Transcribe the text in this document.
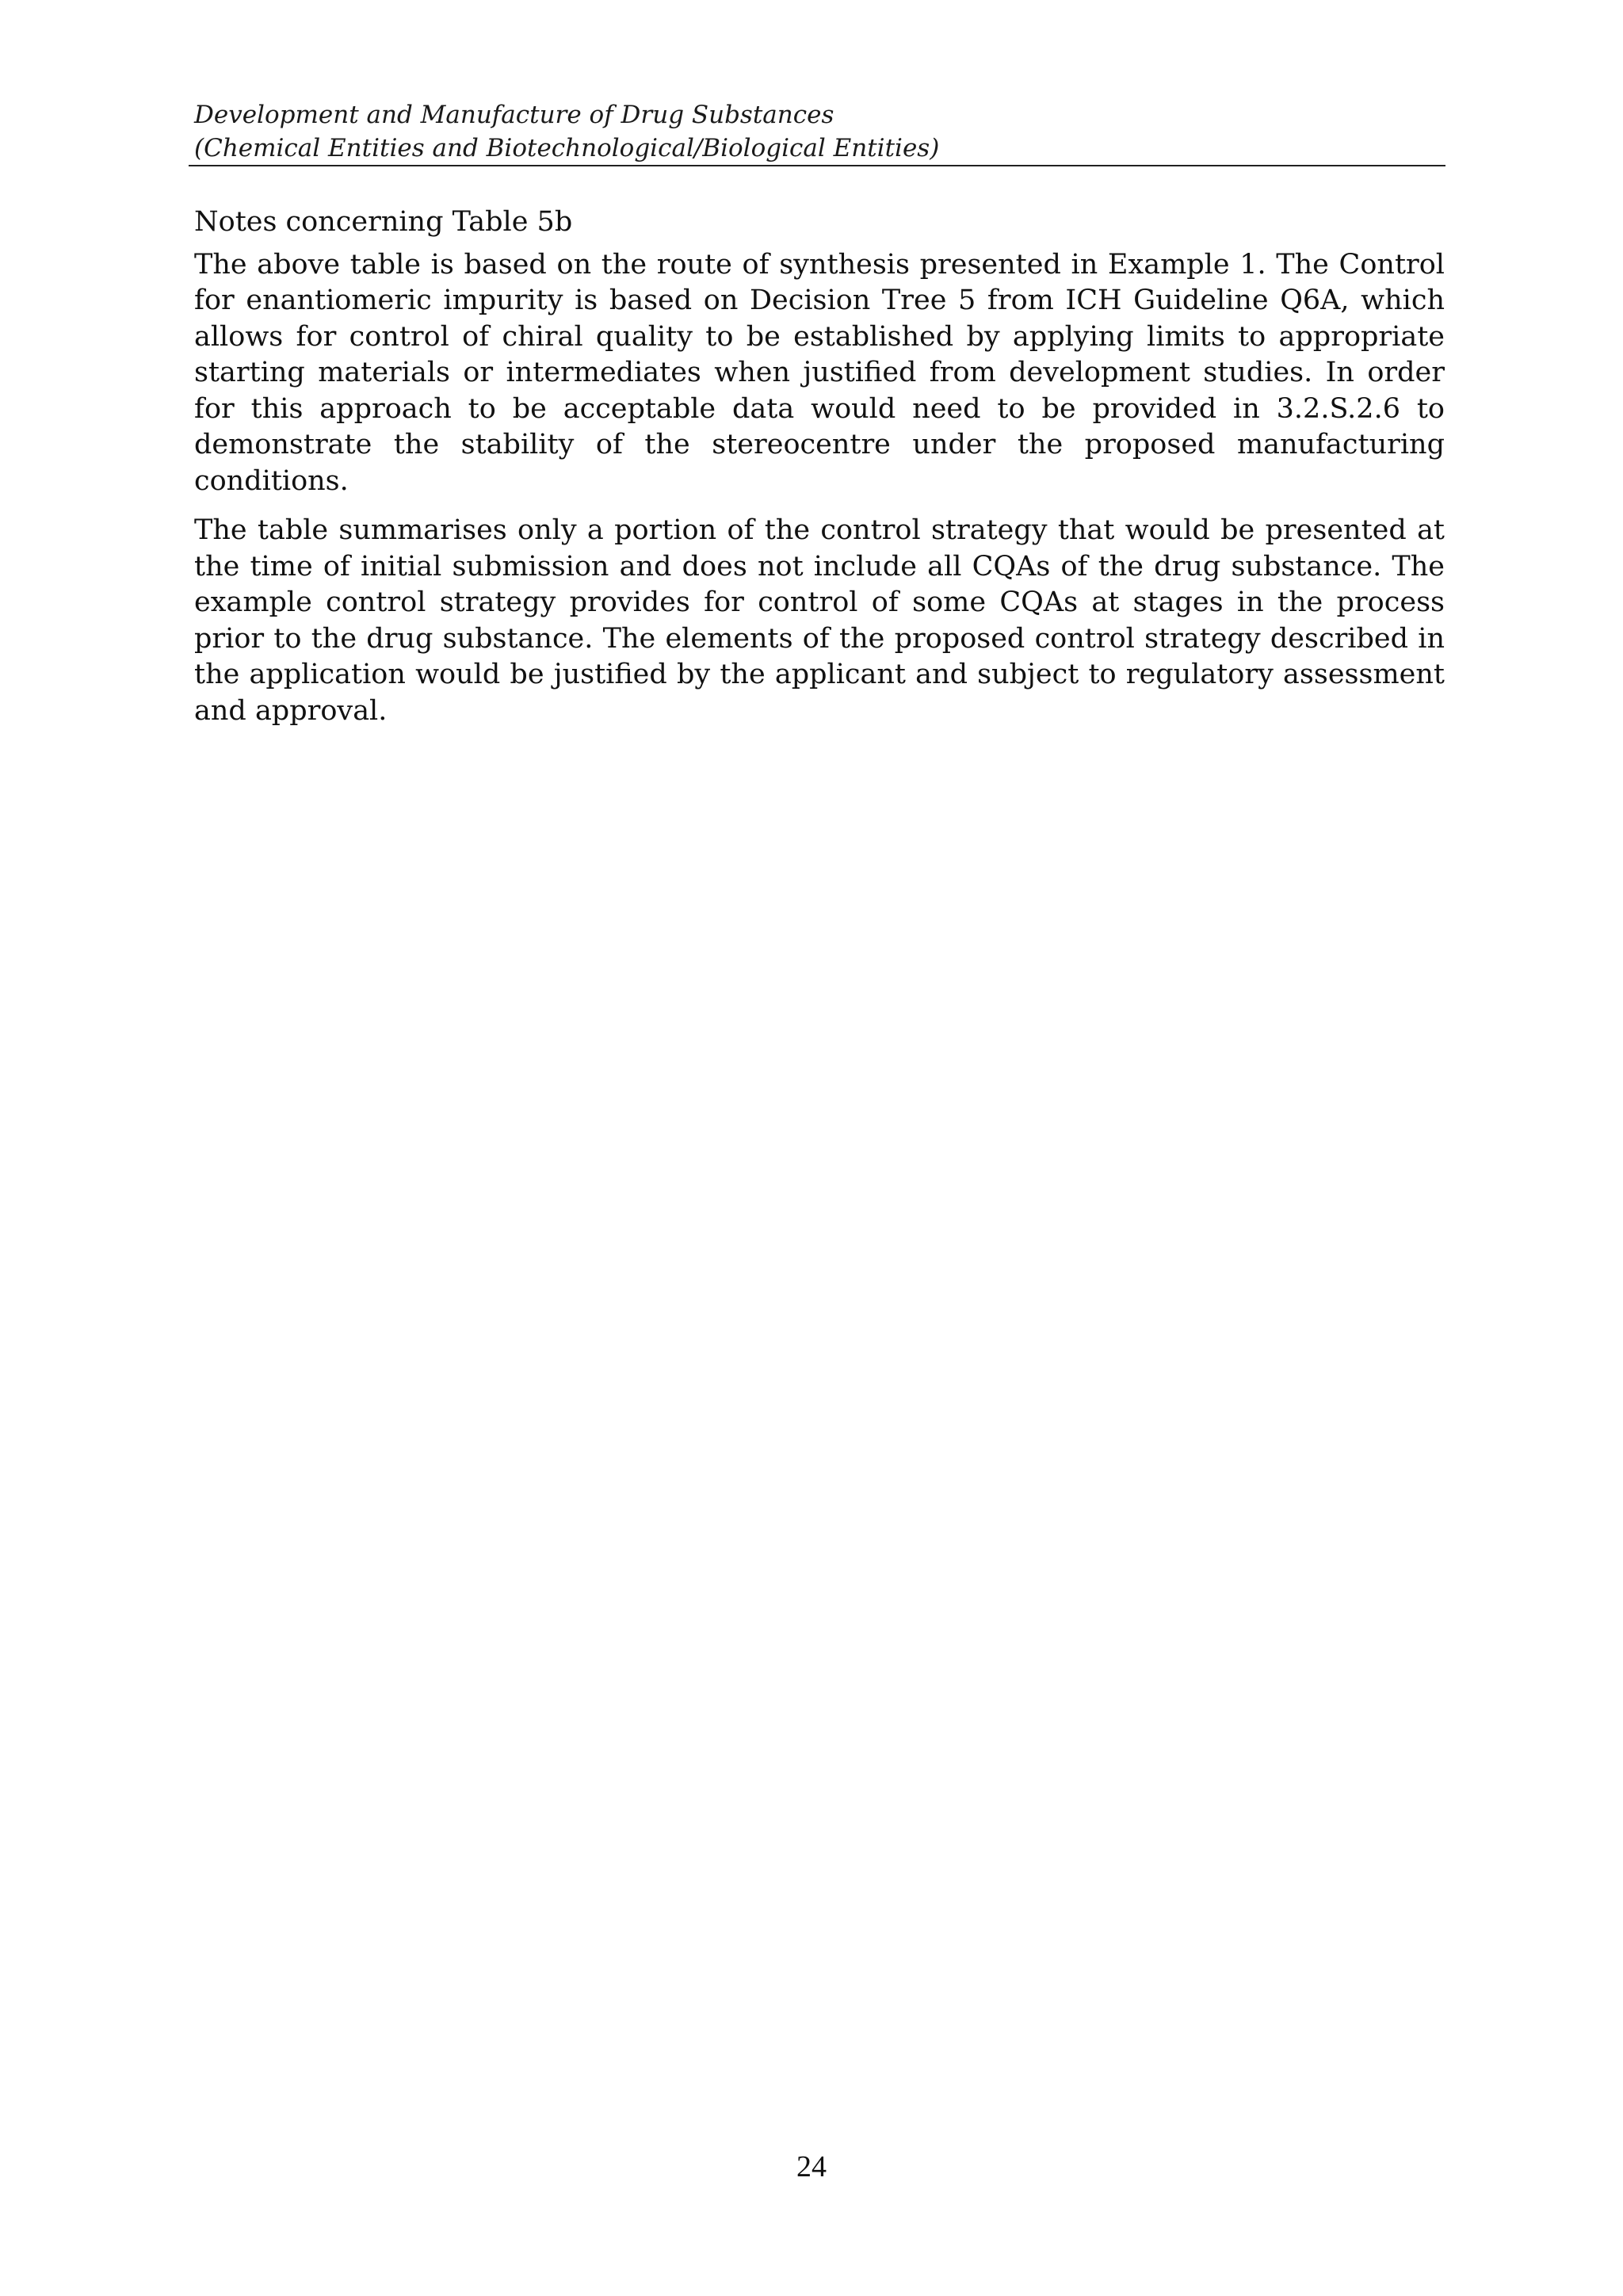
Development and Manufacture of Drug Substances
(Chemical Entities and Biotechnological/Biological Entities)

Notes concerning Table 5b

The above table is based on the route of synthesis presented in Example 1. The Control for enantiomeric impurity is based on Decision Tree 5 from ICH Guideline Q6A, which allows for control of chiral quality to be established by applying limits to appropriate starting materials or intermediates when justified from development studies. In order for this approach to be acceptable data would need to be provided in 3.2.S.2.6 to demonstrate the stability of the stereocentre under the proposed manufacturing conditions.

The table summarises only a portion of the control strategy that would be presented at the time of initial submission and does not include all CQAs of the drug substance. The example control strategy provides for control of some CQAs at stages in the process prior to the drug substance. The elements of the proposed control strategy described in the application would be justified by the applicant and subject to regulatory assessment and approval.

24
